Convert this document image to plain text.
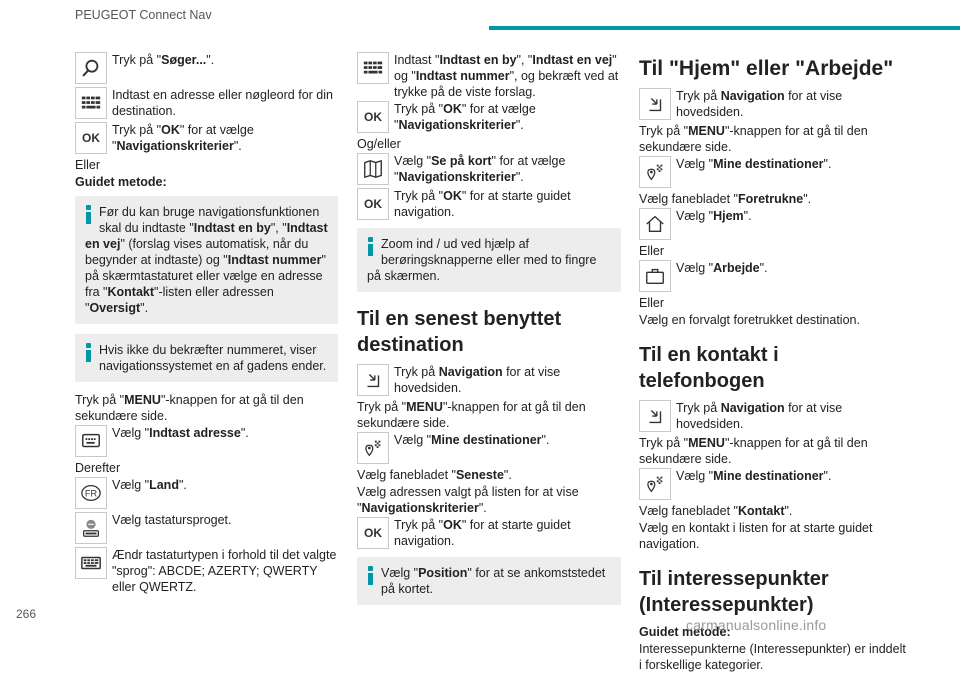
PEUGEOT Connect Nav
Tryk på "Søger...".
Indtast en adresse eller nøgleord for din destination.
OK
Tryk på "OK" for at vælge "Navigationskriterier".
Eller
Guidet metode:
Før du kan bruge navigationsfunktionen skal du indtaste "Indtast en by", "Indtast en vej" (forslag vises automatisk, når du begynder at indtaste) og "Indtast nummer" på skærmtastaturet eller vælge en adresse fra "Kontakt"-listen eller adressen "Oversigt".
Hvis ikke du bekræfter nummeret, viser navigationssystemet en af gadens ender.
Tryk på "MENU"-knappen for at gå til den sekundære side.
Vælg "Indtast adresse".
Derefter
FR
Vælg "Land".
Vælg tastatursproget.
Ændr tastaturtypen i forhold til det valgte "sprog": ABCDE; AZERTY; QWERTY eller QWERTZ.
Indtast "Indtast en by", "Indtast en vej" og "Indtast nummer", og bekræft ved at trykke på de viste forslag.
OK
Tryk på "OK" for at vælge "Navigationskriterier".
Og/eller
Vælg "Se på kort" for at vælge "Navigationskriterier".
OK
Tryk på "OK" for at starte guidet navigation.
Zoom ind / ud ved hjælp af berøringsknapperne eller med to fingre på skærmen.
Til en senest benyttet destination
Tryk på Navigation for at vise hovedsiden.
Tryk på "MENU"-knappen for at gå til den sekundære side.
Vælg "Mine destinationer".
Vælg fanebladet "Seneste".
Vælg adressen valgt på listen for at vise "Navigationskriterier".
OK
Tryk på "OK" for at starte guidet navigation.
Vælg "Position" for at se ankomststedet på kortet.
Til "Hjem" eller "Arbejde"
Tryk på Navigation for at vise hovedsiden.
Tryk på "MENU"-knappen for at gå til den sekundære side.
Vælg "Mine destinationer".
Vælg fanebladet "Foretrukne".
Vælg "Hjem".
Eller
Vælg "Arbejde".
Eller
Vælg en forvalgt foretrukket destination.
Til en kontakt i telefonbogen
Tryk på Navigation for at vise hovedsiden.
Tryk på "MENU"-knappen for at gå til den sekundære side.
Vælg "Mine destinationer".
Vælg fanebladet "Kontakt".
Vælg en kontakt i listen for at starte guidet navigation.
Til interessepunkter (Interessepunkter)
Guidet metode:
Interessepunkterne (Interessepunkter) er inddelt i forskellige kategorier.
266
carmanualsonline.info
